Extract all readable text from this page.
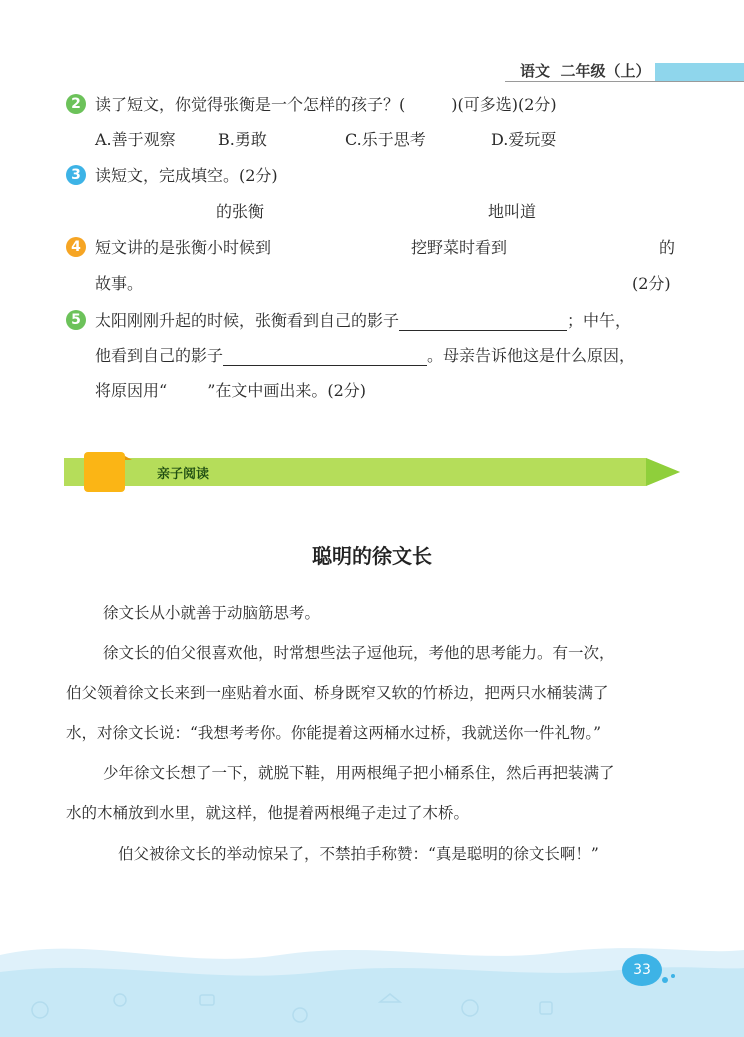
语文 二年级（上）
2 读了短文，你觉得张衡是一个怎样的孩子？(	)(可多选)(2分)
A.善于观察	B.勇敢	C.乐于思考	D.爱玩耍
3 读短文，完成填空。(2分)
的张衡	地叫道
4 短文讲的是张衡小时候到	挖野菜时看到	的
故事。	(2分)
5 太阳刚刚升起的时候，张衡看到自己的影子	；中午，
他看到自己的影子	。母亲告诉他这是什么原因，
将原因用“	”在文中画出来。(2分)
亲子阅读
聪明的徐文长
徐文长从小就善于动脑筋思考。
徐文长的伯父很喜欢他，时常想些法子逗他玩，考他的思考能力。有一次，
伯父领着徐文长来到一座贴着水面、桥身既窄又软的竹桥边，把两只水桶装满了
水，对徐文长说：“我想考考你。你能提着这两桶水过桥，我就送你一件礼物。”
少年徐文长想了一下，就脱下鞋，用两根绳子把小桶系住，然后再把装满了
水的木桶放到水里，就这样，他提着两根绳子走过了木桥。
伯父被徐文长的举动惊呆了，不禁拍手称赞：“真是聪明的徐文长啊！”
33
